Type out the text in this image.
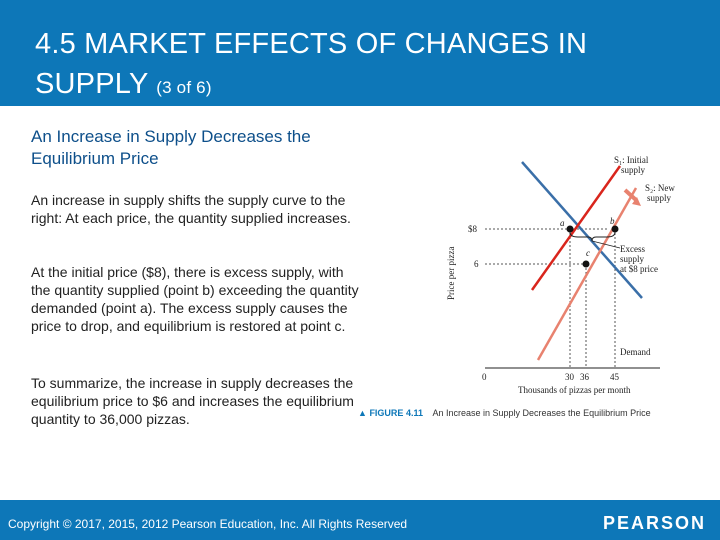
4.5 MARKET EFFECTS OF CHANGES IN SUPPLY (3 of 6)
An Increase in Supply Decreases the Equilibrium Price
An increase in supply shifts the supply curve to the right: At each price, the quantity supplied increases.
At the initial price ($8), there is excess supply, with the quantity supplied (point b) exceeding the quantity demanded (point a). The excess supply causes the price to drop, and equilibrium is restored at point c.
To summarize, the increase in supply decreases the equilibrium price to $6 and increases the equilibrium quantity to 36,000 pizzas.
Price per pizza
Thousands of pizzas per month
$8
6
0	30 36 45
a	b
c
S₁: Initial supply
S₂: New supply
Excess supply at $8 price
Demand
▲ FIGURE 4.11 An Increase in Supply Decreases the Equilibrium Price
Copyright © 2017, 2015, 2012 Pearson Education, Inc. All Rights Reserved	PEARSON
